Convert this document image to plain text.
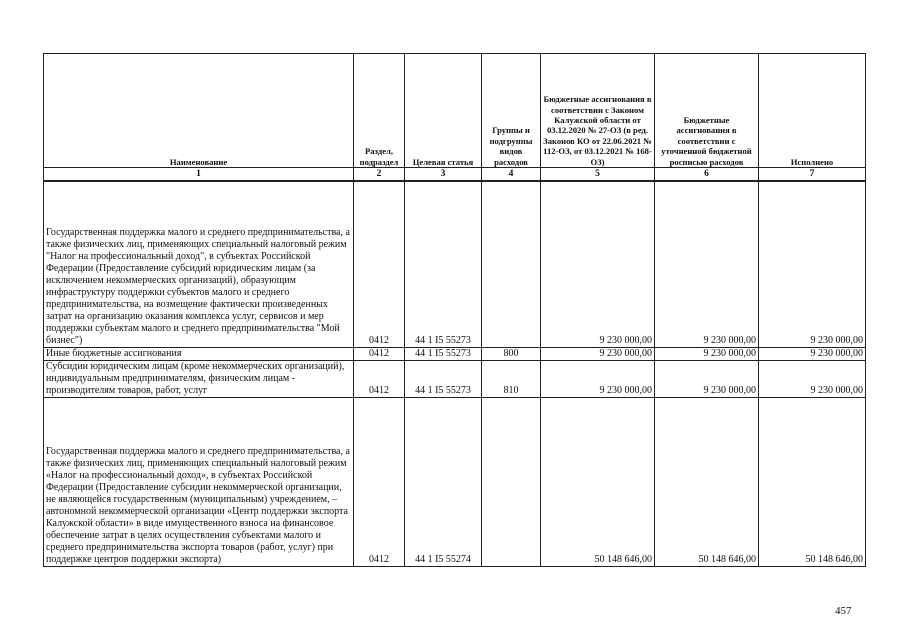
Наименование	Раздел, подраздел	Целевая статья	Группы и подгруппы видов расходов	Бюджетные ассигнования в соответствии с Законом Калужской области от 03.12.2020 № 27-ОЗ (в ред. Законов КО от 22.06.2021 № 112-ОЗ, от 03.12.2021 № 168-ОЗ)	Бюджетные ассигнования в соответствии с уточненной бюджетной росписью расходов	Исполнено
1	2	3	4	5	6	7
Государственная поддержка малого и среднего предпринимательства, а также физических лиц, применяющих специальный налоговый режим "Налог на профессиональный доход", в субъектах Российской Федерации (Предоставление субсидий юридическим лицам (за исключением некоммерческих организаций), образующим инфраструктуру поддержки субъектов малого и среднего предпринимательства, на возмещение фактически произведенных затрат на организацию оказания комплекса услуг, сервисов и мер поддержки субъектам малого и среднего предпринимательства "Мой бизнес")	0412	44 1 I5 55273		9 230 000,00	9 230 000,00	9 230 000,00
Иные бюджетные ассигнования	0412	44 1 I5 55273	800	9 230 000,00	9 230 000,00	9 230 000,00
Субсидии юридическим лицам (кроме некоммерческих организаций), индивидуальным предпринимателям, физическим лицам - производителям товаров, работ, услуг	0412	44 1 I5 55273	810	9 230 000,00	9 230 000,00	9 230 000,00
Государственная поддержка малого и среднего предпринимательства, а также физических лиц, применяющих специальный налоговый режим «Налог на профессиональный доход», в субъектах Российской Федерации (Предоставление субсидии некоммерческой организации, не являющейся государственным (муниципальным) учреждением, – автономной некоммерческой организации «Центр поддержки экспорта Калужской области» в виде имущественного взноса на финансовое обеспечение затрат в целях осуществления субъектами малого и среднего предпринимательства экспорта товаров (работ, услуг) при поддержке центров поддержки экспорта)	0412	44 1 I5 55274		50 148 646,00	50 148 646,00	50 148 646,00
457
